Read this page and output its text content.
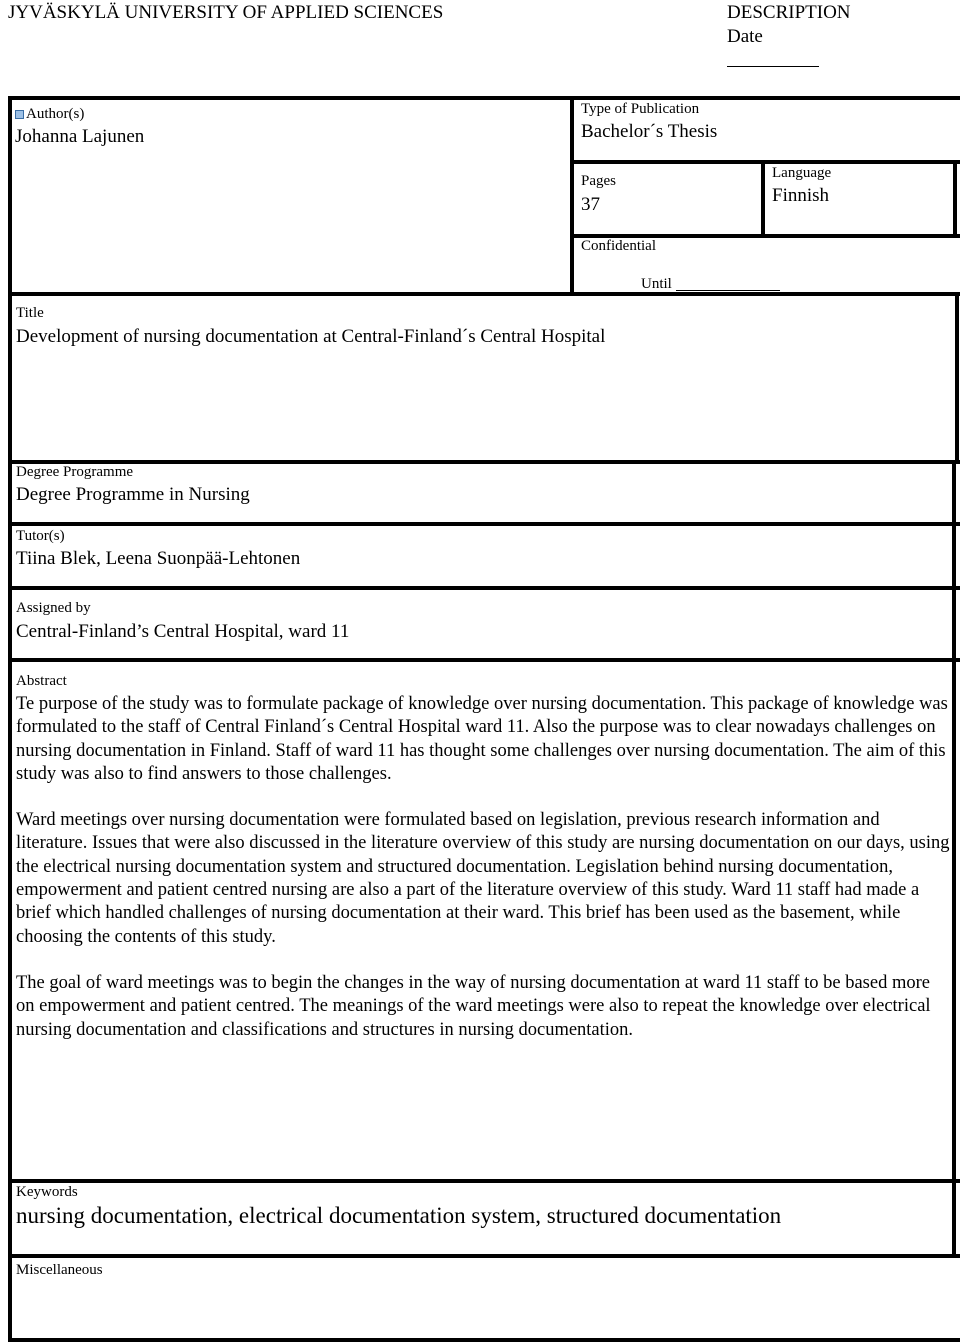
JYVÄSKYLÄ UNIVERSITY OF APPLIED SCIENCES	DESCRIPTION
Date
Author(s)
Johanna Lajunen
Type of Publication
Bachelor´s Thesis
Pages
37
Language
Finnish
Confidential
Until
Title
Development of nursing documentation at Central-Finland´s Central Hospital
Degree Programme
Degree Programme in Nursing
Tutor(s)
Tiina Blek, Leena Suonpää-Lehtonen
Assigned by
Central-Finland’s Central Hospital, ward 11
Abstract

Te purpose of the study was to formulate package of knowledge over nursing documentation. This package of knowledge was formulated to the staff of Central Finland´s Central Hospital ward 11. Also the purpose was to clear nowadays challenges on nursing documentation in Finland. Staff of ward 11 has thought some challenges over nursing documentation. The aim of this study was also to find answers to those challenges.

Ward meetings over nursing documentation were formulated based on legislation, previous research information and literature. Issues that were also discussed in the literature overview of this study are nursing documentation on our days, using the electrical nursing documentation system and structured documentation. Legislation behind nursing documentation, empowerment and patient centred nursing are also a part of the literature overview of this study. Ward 11 staff had made a brief which handled challenges of nursing documentation at their ward. This brief has been used as the basement, while choosing the contents of this study.

The goal of ward meetings was to begin the changes in the way of nursing documentation at ward 11 staff to be based more on empowerment and patient centred. The meanings of the ward meetings were also to repeat the knowledge over electrical nursing documentation and classifications and structures in nursing documentation.

Keywords
nursing documentation, electrical documentation system, structured documentation
Miscellaneous
